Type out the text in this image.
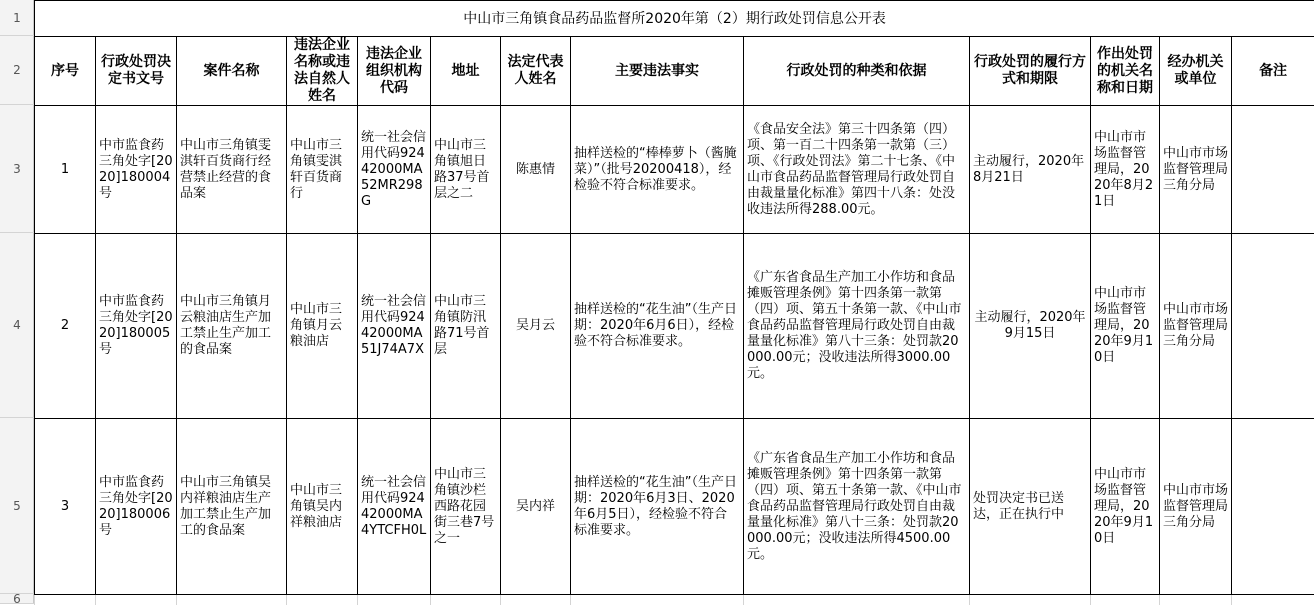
1
2
3
4
5
6
中山市三角镇食品药品监督所2020年第（2）期行政处罚信息公开表												
序号	行政处罚决定书文号	案件名称	违法企业名称或违法自然人姓名	违法企业组织机构代码	地址	法定代表人姓名	主要违法事实	行政处罚的种类和依据	行政处罚的履行方式和期限	作出处罚的机关名称和日期	经办机关或单位	备注
1	中市监食药三角处字[2020]180004号	中山市三角镇雯淇轩百货商行经营禁止经营的食品案	中山市三角镇雯淇轩百货商行	统一社会信用代码92442000MA52MR298G	中山市三角镇旭日路37号首层之二	陈惠情	抽样送检的“棒棒萝卜（酱腌菜）”（批号20200418），经检验不符合标准要求。	《食品安全法》第三十四条第（四）项、第一百二十四条第一款第（三）项、《行政处罚法》第二十七条、《中山市食品药品监督管理局行政处罚自由裁量量化标准》第四十八条：处没收违法所得288.00元。	主动履行，2020年8月21日	中山市市场监督管理局，2020年8月21日	中山市市场监督管理局三角分局	
2	中市监食药三角处字[2020]180005号	中山市三角镇月云粮油店生产加工禁止生产加工的食品案	中山市三角镇月云粮油店	统一社会信用代码92442000MA51J74A7X	中山市三角镇防汛路71号首层	吴月云	抽样送检的“花生油”（生产日期：2020年6月6日），经检验不符合标准要求。	《广东省食品生产加工小作坊和食品摊贩管理条例》第十四条第一款第（四）项、第五十条第一款、《中山市食品药品监督管理局行政处罚自由裁量量化标准》第八十三条：处罚款20000.00元；没收违法所得3000.00元。	主动履行，2020年9月15日	中山市市场监督管理局，2020年9月10日	中山市市场监督管理局三角分局	
3	中市监食药三角处字[2020]180006号	中山市三角镇吴内祥粮油店生产加工禁止生产加工的食品案	中山市三角镇吴内祥粮油店	统一社会信用代码92442000MA4YTCFH0L	中山市三角镇沙栏西路花园街三巷7号之一	吴内祥	抽样送检的“花生油”（生产日期：2020年6月3日、2020年6月5日），经检验不符合标准要求。	《广东省食品生产加工小作坊和食品摊贩管理条例》第十四条第一款第（四）项、第五十条第一款、《中山市食品药品监督管理局行政处罚自由裁量量化标准》第八十三条：处罚款20000.00元；没收违法所得4500.00元。	处罚决定书已送达，正在执行中	中山市市场监督管理局，2020年9月10日	中山市市场监督管理局三角分局	
